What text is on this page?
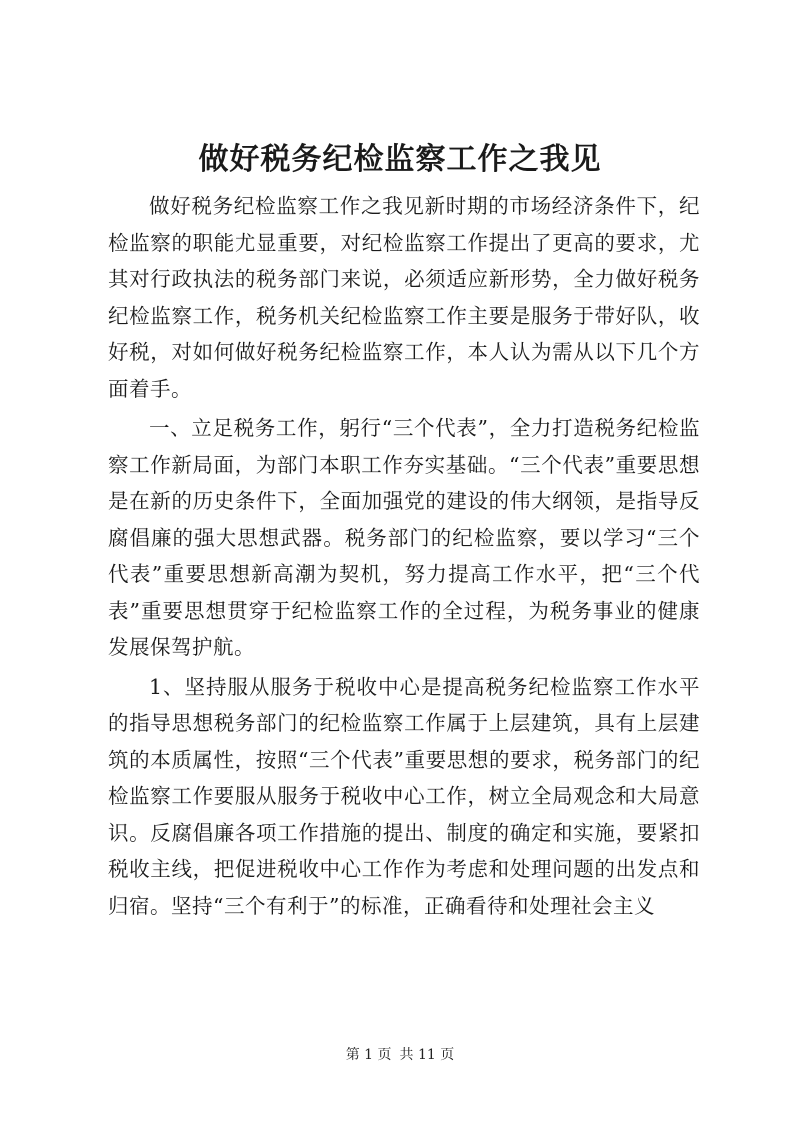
做好税务纪检监察工作之我见

做好税务纪检监察工作之我见新时期的市场经济条件下，纪检监察的职能尤显重要，对纪检监察工作提出了更高的要求，尤其对行政执法的税务部门来说，必须适应新形势，全力做好税务纪检监察工作，税务机关纪检监察工作主要是服务于带好队，收好税，对如何做好税务纪检监察工作，本人认为需从以下几个方面着手。

一、立足税务工作，躬行“三个代表”，全力打造税务纪检监察工作新局面，为部门本职工作夯实基础。“三个代表”重要思想是在新的历史条件下，全面加强党的建设的伟大纲领，是指导反腐倡廉的强大思想武器。税务部门的纪检监察，要以学习“三个代表”重要思想新高潮为契机，努力提高工作水平，把“三个代表”重要思想贯穿于纪检监察工作的全过程，为税务事业的健康发展保驾护航。

1、坚持服从服务于税收中心是提高税务纪检监察工作水平的指导思想税务部门的纪检监察工作属于上层建筑，具有上层建筑的本质属性，按照“三个代表”重要思想的要求，税务部门的纪检监察工作要服从服务于税收中心工作，树立全局观念和大局意识。反腐倡廉各项工作措施的提出、制度的确定和实施，要紧扣税收主线，把促进税收中心工作作为考虑和处理问题的出发点和归宿。坚持“三个有利于”的标准，正确看待和处理社会主义

第 1 页 共 11 页
